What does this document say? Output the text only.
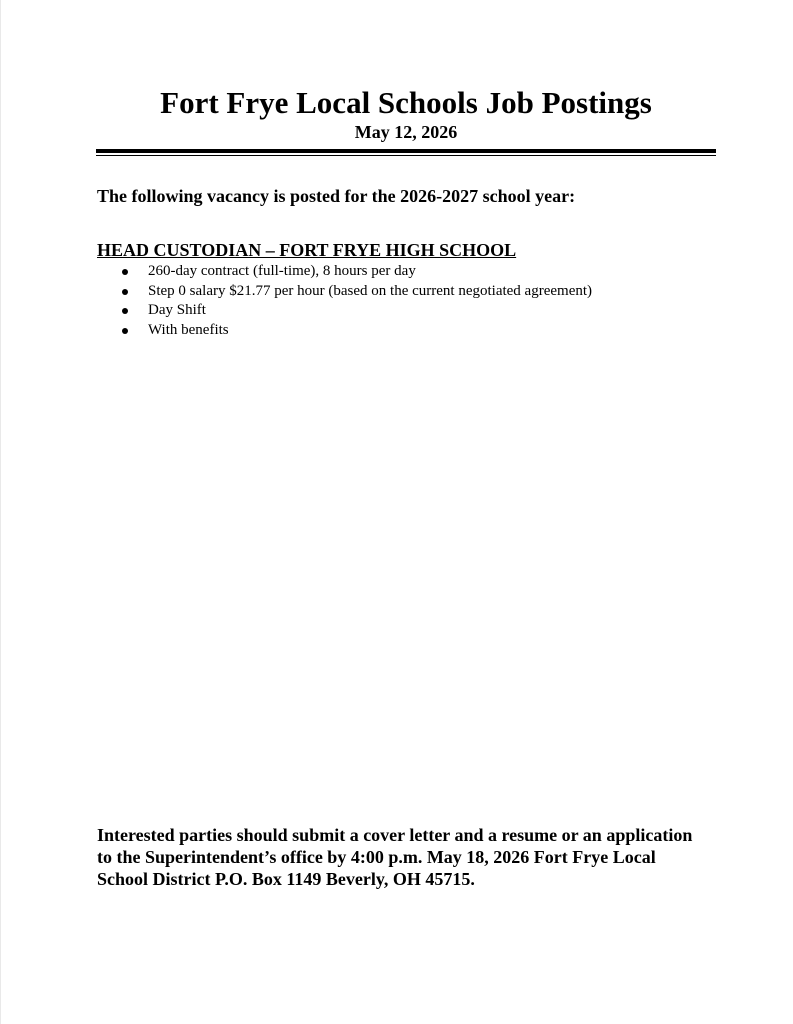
Fort Frye Local Schools Job Postings
May 12, 2026

The following vacancy is posted for the 2026-2027 school year:

HEAD CUSTODIAN – FORT FRYE HIGH SCHOOL

260-day contract (full-time), 8 hours per day
Step 0 salary $21.77 per hour (based on the current negotiated agreement)
Day Shift
With benefits

Interested parties should submit a cover letter and a resume or an application
to the Superintendent’s office by 4:00 p.m. May 18, 2026 Fort Frye Local
School District P.O. Box 1149 Beverly, OH 45715.
